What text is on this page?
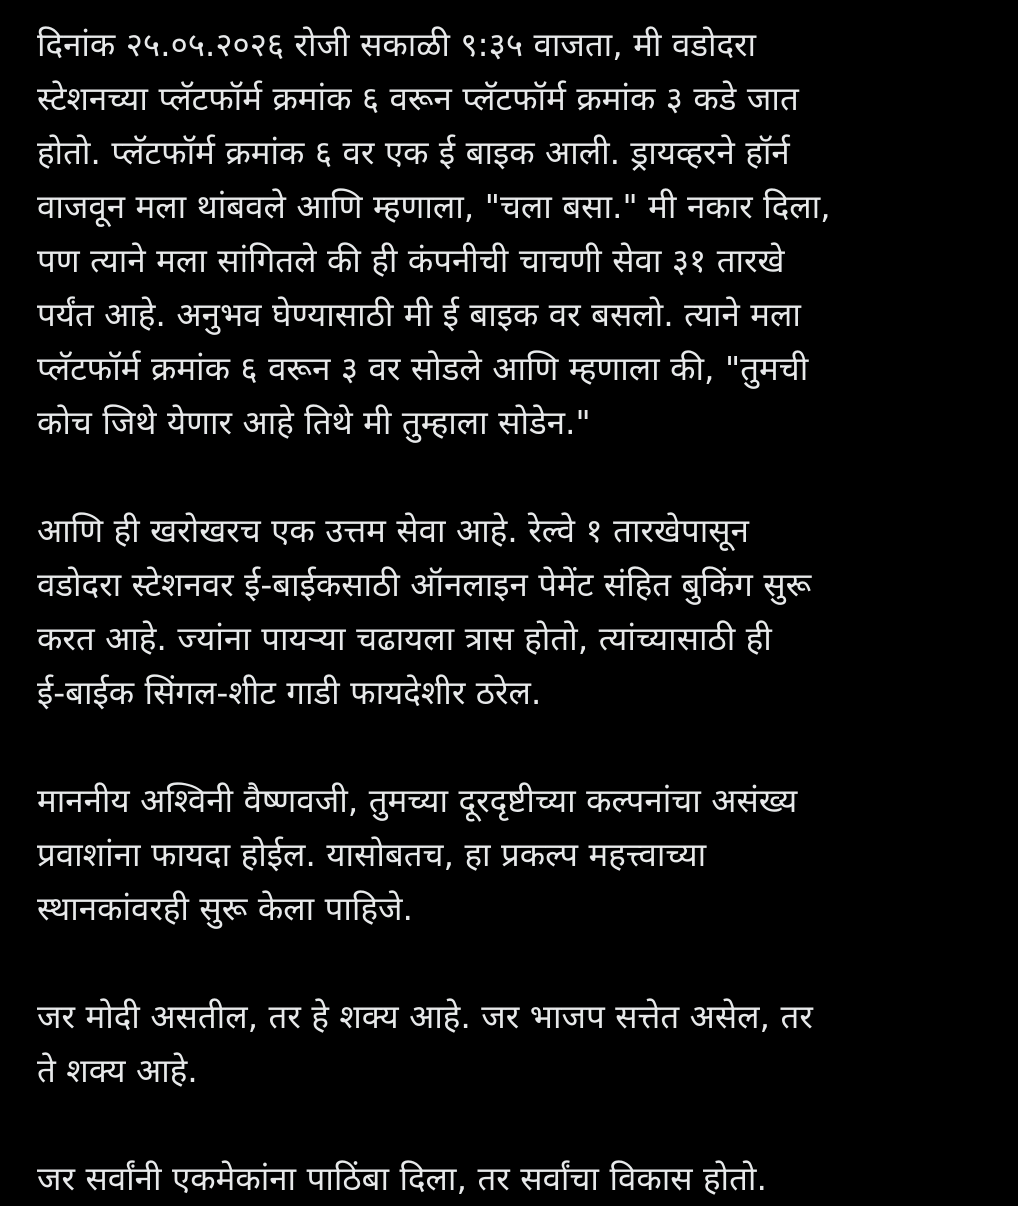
दिनांक २५.०५.२०२६ रोजी सकाळी ९:३५ वाजता, मी वडोदरा
स्टेशनच्या प्लॅटफॉर्म क्रमांक ६ वरून प्लॅटफॉर्म क्रमांक ३ कडे जात
होतो. प्लॅटफॉर्म क्रमांक ६ वर एक ई बाइक आली. ड्रायव्हरने हॉर्न
वाजवून मला थांबवले आणि म्हणाला, "चला बसा." मी नकार दिला,
पण त्याने मला सांगितले की ही कंपनीची चाचणी सेवा ३१ तारखे
पर्यंत आहे. अनुभव घेण्यासाठी मी ई बाइक वर बसलो. त्याने मला
प्लॅटफॉर्म क्रमांक ६ वरून ३ वर सोडले आणि म्हणाला की, "तुमची
कोच जिथे येणार आहे तिथे मी तुम्हाला सोडेन."

आणि ही खरोखरच एक उत्तम सेवा आहे. रेल्वे १ तारखेपासून
वडोदरा स्टेशनवर ई-बाईकसाठी ऑनलाइन पेमेंट संहित बुकिंग सुरू
करत आहे. ज्यांना पायऱ्या चढायला त्रास होतो, त्यांच्यासाठी ही
ई-बाईक सिंगल-शीट गाडी फायदेशीर ठरेल.

माननीय अश्विनी वैष्णवजी, तुमच्या दूरदृष्टीच्या कल्पनांचा असंख्य
प्रवाशांना फायदा होईल. यासोबतच, हा प्रकल्प महत्त्वाच्या
स्थानकांवरही सुरू केला पाहिजे.

जर मोदी असतील, तर हे शक्य आहे. जर भाजप सत्तेत असेल, तर
ते शक्य आहे.

जर सर्वांनी एकमेकांना पाठिंबा दिला, तर सर्वांचा विकास होतो.
